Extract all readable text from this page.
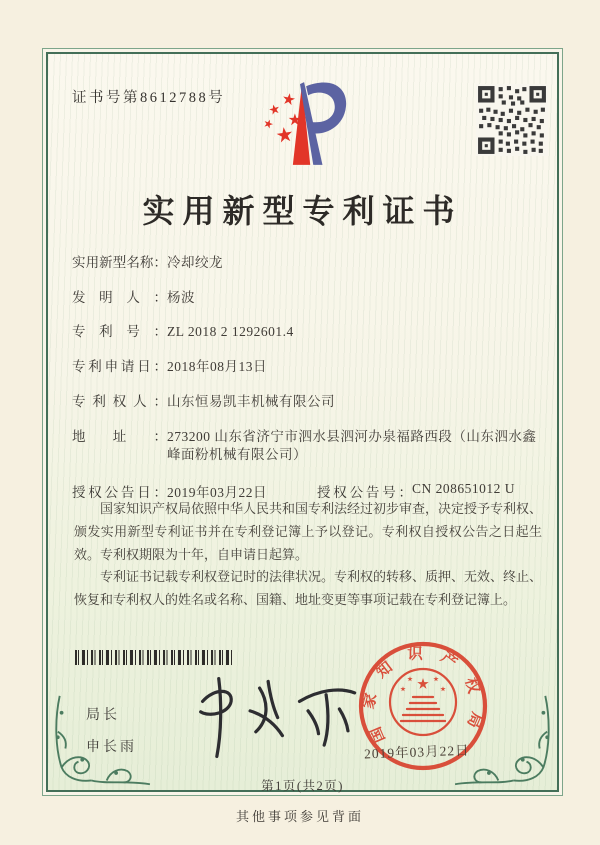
证书号第8612788号
实用新型专利证书
实用新型名称： 冷却绞龙
发明人： 杨波
专利号： ZL 2018 2 1292601.4
专利申请日： 2018年08月13日
专利权人： 山东恒易凯丰机械有限公司
地址： 273200 山东省济宁市泗水县泗河办泉福路西段（山东泗水鑫峰面粉机械有限公司）
授权公告日： 2019年03月22日	授权公告号： CN 208651012 U

国家知识产权局依照中华人民共和国专利法经过初步审查，决定授予专利权、颁发实用新型专利证书并在专利登记簿上予以登记。专利权自授权公告之日起生效。专利权期限为十年，自申请日起算。

专利证书记载专利权登记时的法律状况。专利权的转移、质押、无效、终止、恢复和专利权人的姓名或名称、国籍、地址变更等事项记载在专利登记簿上。

局长
申长雨
国家知识产权局
2019年03月22日
第1页(共2页)
其他事项参见背面
